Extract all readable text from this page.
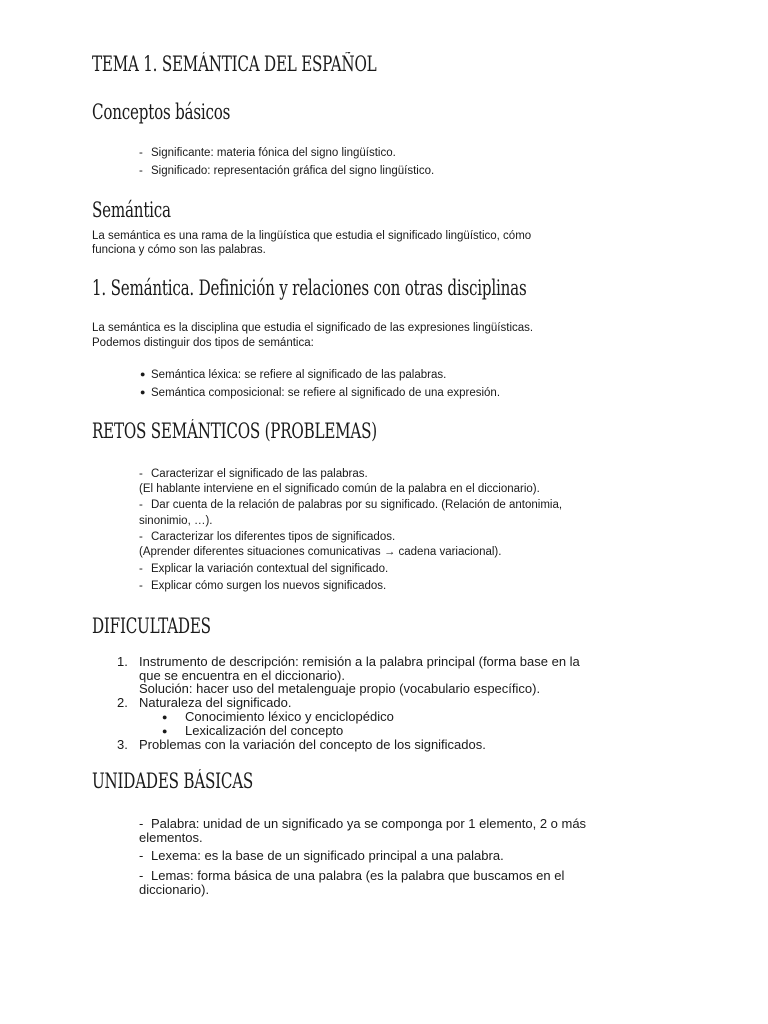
TEMA 1. SEMÁNTICA DEL ESPAÑOL
Conceptos básicos
- Significante: materia fónica del signo lingüístico.
- Significado: representación gráfica del signo lingüístico.
Semántica
La semántica es una rama de la lingüística que estudia el significado lingüístico, cómo
funciona y cómo son las palabras.
1. Semántica. Definición y relaciones con otras disciplinas
La semántica es la disciplina que estudia el significado de las expresiones lingüísticas.
Podemos distinguir dos tipos de semántica:
● Semántica léxica: se refiere al significado de las palabras.
● Semántica composicional: se refiere al significado de una expresión.
RETOS SEMÁNTICOS (PROBLEMAS)
- Caracterizar el significado de las palabras.
(El hablante interviene en el significado común de la palabra en el diccionario).
- Dar cuenta de la relación de palabras por su significado. (Relación de antonimia,
sinonimio, …).
- Caracterizar los diferentes tipos de significados.
(Aprender diferentes situaciones comunicativas → cadena variacional).
- Explicar la variación contextual del significado.
- Explicar cómo surgen los nuevos significados.
DIFICULTADES
1. Instrumento de descripción: remisión a la palabra principal (forma base en la
que se encuentra en el diccionario).
Solución: hacer uso del metalenguaje propio (vocabulario específico).
2. Naturaleza del significado.
● Conocimiento léxico y enciclopédico
● Lexicalización del concepto
3. Problemas con la variación del concepto de los significados.
UNIDADES BÁSICAS
- Palabra: unidad de un significado ya se componga por 1 elemento, 2 o más
elementos.
- Lexema: es la base de un significado principal a una palabra.
- Lemas: forma básica de una palabra (es la palabra que buscamos en el
diccionario).
